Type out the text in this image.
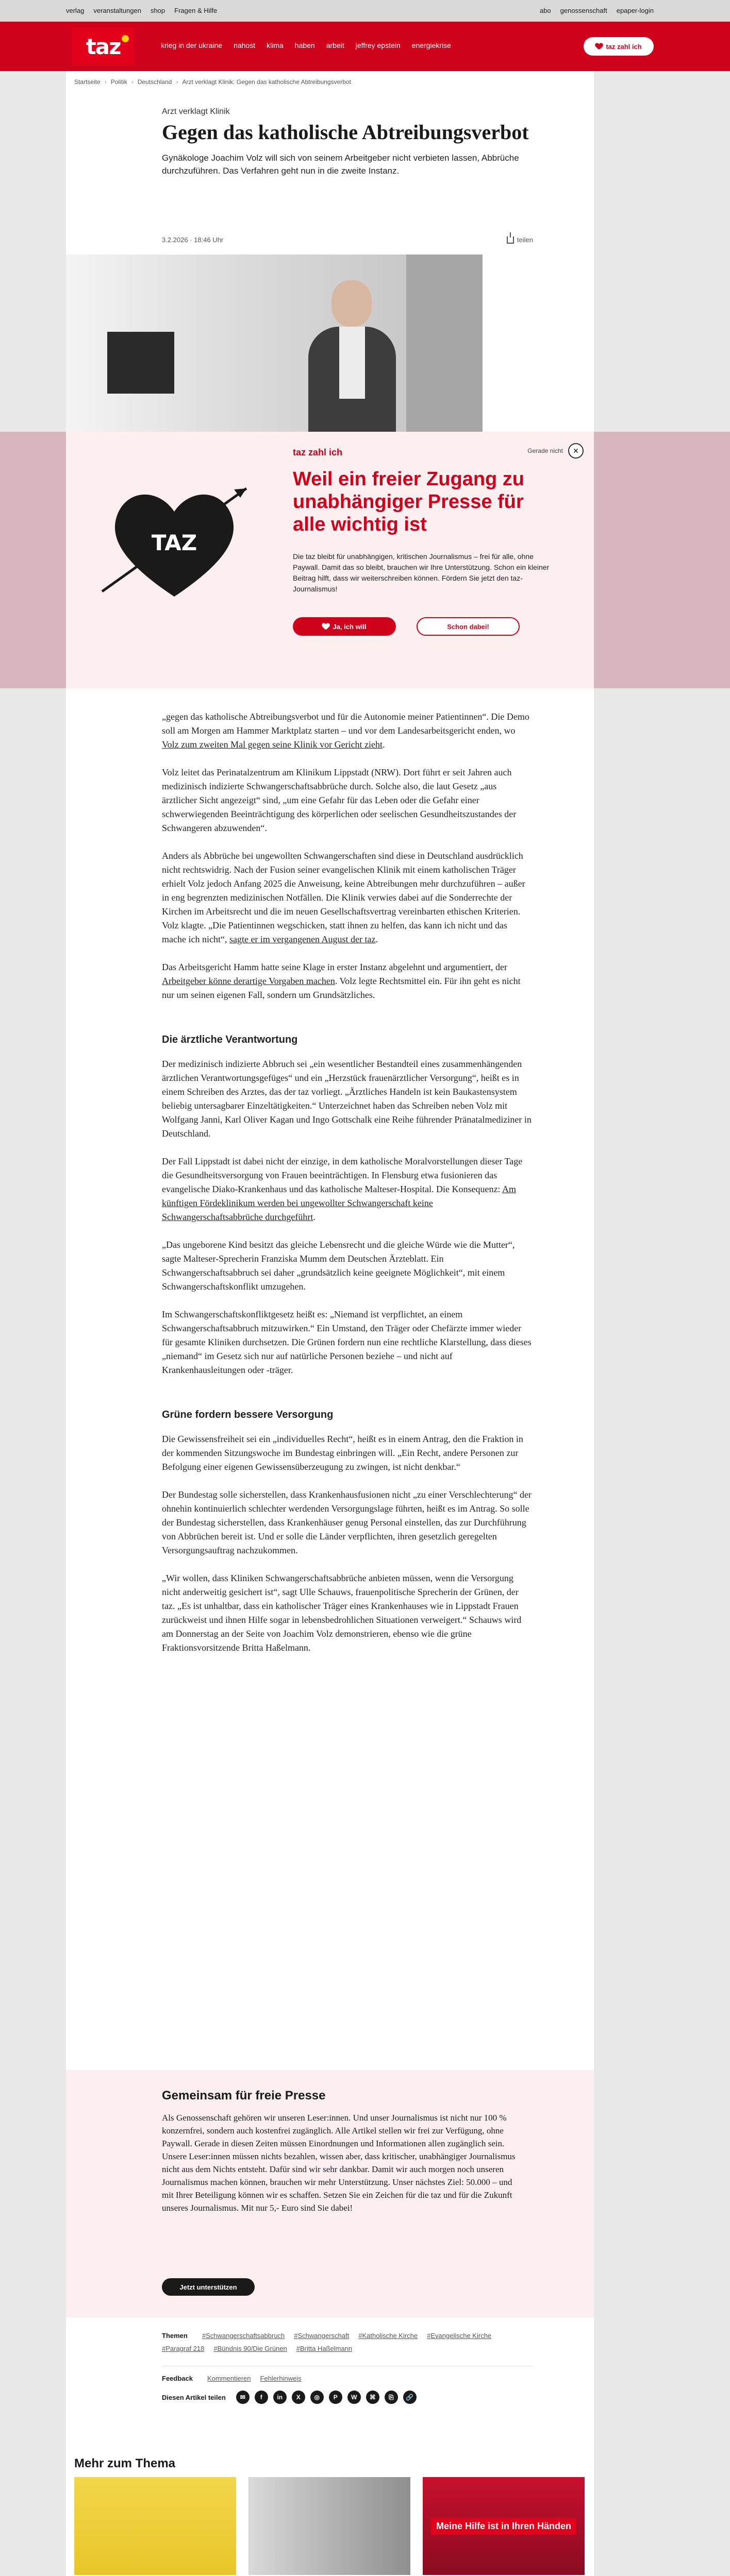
verlag veranstaltungen shop Fragen & Hilfe	abo genossenschaft epaper-login
taz	krieg in der ukraine nahost klima haben arbeit jeffrey epstein energiekrise	taz zahl ich
Startseite › Politik › Deutschland › Arzt verklagt Klinik: Gegen das katholische Abtreibungsverbot
Arzt verklagt Klinik
Gegen das katholische Abtreibungsverbot

Gynäkologe Joachim Volz will sich von seinem Arbeitgeber nicht verbieten lassen, Abbrüche durchzuführen. Das Verfahren geht nun in die zweite Instanz.

3.2.2026 · 18:46 Uhr	teilen

„gegen das katholische Abtreibungsverbot und für die Autonomie meiner Patientinnen“. Die Demo soll am Morgen am Hammer Marktplatz starten – und vor dem Landesarbeitsgericht enden, wo Volz zum zweiten Mal gegen seine Klinik vor Gericht zieht.

Volz leitet das Perinatalzentrum am Klinikum Lippstadt (NRW). Dort führt er seit Jahren auch medizinisch indizierte Schwangerschaftsabbrüche durch. Solche also, die laut Gesetz „aus ärztlicher Sicht angezeigt“ sind, „um eine Gefahr für das Leben oder die Gefahr einer schwerwiegenden Beeinträchtigung des körperlichen oder seelischen Gesundheitszustandes der Schwangeren abzuwenden“.

Anders als Abbrüche bei ungewollten Schwangerschaften sind diese in Deutschland ausdrücklich nicht rechtswidrig. Nach der Fusion seiner evangelischen Klinik mit einem katholischen Träger erhielt Volz jedoch Anfang 2025 die Anweisung, keine Abtreibungen mehr durchzuführen – außer in eng begrenzten medizinischen Notfällen. Die Klinik verwies dabei auf die Sonderrechte der Kirchen im Arbeitsrecht und die im neuen Gesellschaftsvertrag vereinbarten ethischen Kriterien. Volz klagte. „Die Patientinnen wegschicken, statt ihnen zu helfen, das kann ich nicht und das mache ich nicht“, sagte er im vergangenen August der taz.

Das Arbeitsgericht Hamm hatte seine Klage in erster Instanz abgelehnt und argumentiert, der Arbeitgeber könne derartige Vorgaben machen. Volz legte Rechtsmittel ein. Für ihn geht es nicht nur um seinen eigenen Fall, sondern um Grundsätzliches.

Die ärztliche Verantwortung

Der medizinisch indizierte Abbruch sei „ein wesentlicher Bestandteil eines zusammenhängenden ärztlichen Verantwortungsgefüges“ und ein „Herzstück frauenärztlicher Versorgung“, heißt es in einem Schreiben des Arztes, das der taz vorliegt. „Ärztliches Handeln ist kein Baukastensystem beliebig untersagbarer Einzeltätigkeiten.“ Unterzeichnet haben das Schreiben neben Volz mit Wolfgang Janni, Karl Oliver Kagan und Ingo Gottschalk eine Reihe führender Pränatalmediziner in Deutschland.

Der Fall Lippstadt ist dabei nicht der einzige, in dem katholische Moralvorstellungen dieser Tage die Gesundheitsversorgung von Frauen beeinträchtigen. In Flensburg etwa fusionieren das evangelische Diako-Krankenhaus und das katholische Malteser-Hospital. Die Konsequenz: Am künftigen Fördeklinikum werden bei ungewollter Schwangerschaft keine Schwangerschaftsabbrüche durchgeführt.

„Das ungeborene Kind besitzt das gleiche Lebensrecht und die gleiche Würde wie die Mutter“, sagte Malteser-Sprecherin Franziska Mumm dem Deutschen Ärzteblatt. Ein Schwangerschaftsabbruch sei daher „grundsätzlich keine geeignete Möglichkeit“, mit einem Schwangerschaftskonflikt umzugehen.

Im Schwangerschaftskonfliktgesetz heißt es: „Niemand ist verpflichtet, an einem Schwangerschaftsabbruch mitzuwirken.“ Ein Umstand, den Träger oder Chefärzte immer wieder für gesamte Kliniken durchsetzen. Die Grünen fordern nun eine rechtliche Klarstellung, dass dieses „niemand“ im Gesetz sich nur auf natürliche Personen beziehe – und nicht auf Krankenhausleitungen oder -träger.

Grüne fordern bessere Versorgung

Die Gewissensfreiheit sei ein „individuelles Recht“, heißt es in einem Antrag, den die Fraktion in der kommenden Sitzungswoche im Bundestag einbringen will. „Ein Recht, andere Personen zur Befolgung einer eigenen Gewissensüberzeugung zu zwingen, ist nicht denkbar.“

Der Bundestag solle sicherstellen, dass Krankenhausfusionen nicht „zu einer Verschlechterung“ der ohnehin kontinuierlich schlechter werdenden Versorgungslage führten, heißt es im Antrag. So solle der Bundestag sicherstellen, dass Krankenhäuser genug Personal einstellen, das zur Durchführung von Abbrüchen bereit ist. Und er solle die Länder verpflichten, ihren gesetzlich geregelten Versorgungsauftrag nachzukommen.

„Wir wollen, dass Kliniken Schwangerschaftsabbrüche anbieten müssen, wenn die Versorgung nicht anderweitig gesichert ist“, sagt Ulle Schauws, frauenpolitische Sprecherin der Grünen, der taz. „Es ist unhaltbar, dass ein katholischer Träger eines Krankenhauses wie in Lippstadt Frauen zurückweist und ihnen Hilfe sogar in lebensbedrohlichen Situationen verweigert.“ Schauws wird am Donnerstag an der Seite von Joachim Volz demonstrieren, ebenso wie die grüne Fraktionsvorsitzende Britta Haßelmann.

Gemeinsam für freie Presse

Als Genossenschaft gehören wir unseren Leser:innen. Und unser Journalismus ist nicht nur 100 % konzernfrei, sondern auch kostenfrei zugänglich. Alle Artikel stellen wir frei zur Verfügung, ohne Paywall. Gerade in diesen Zeiten müssen Einordnungen und Informationen allen zugänglich sein. Unsere Leser:innen müssen nichts bezahlen, wissen aber, dass kritischer, unabhängiger Journalismus nicht aus dem Nichts entsteht. Dafür sind wir sehr dankbar. Damit wir auch morgen noch unseren Journalismus machen können, brauchen wir mehr Unterstützung. Unser nächstes Ziel: 50.000 – und mit Ihrer Beteiligung können wir es schaffen. Setzen Sie ein Zeichen für die taz und für die Zukunft unseres Journalismus. Mit nur 5,- Euro sind Sie dabei!

Jetzt unterstützen
Themen #Schwangerschaftsabbruch #Schwangerschaft #Katholische Kirche #Evangelische Kirche
#Paragraf 218 #Bündnis 90/Die Grünen #Britta Haßelmann
Feedback Kommentieren Fehlerhinweis
Diesen Artikel teilen	✉	f	in	X	◎	P	W	⌘	⎘	🔗
Mehr zum Thema
Meine Hilfe ist in Ihren Händen
TAZ
taz zahl ich	Gerade nicht	×
Weil ein freier Zugang zu unabhängiger Presse für alle wichtig ist
Die taz bleibt für unabhängigen, kritischen Journalismus – frei für alle, ohne Paywall. Damit das so bleibt, brauchen wir Ihre Unterstützung. Schon ein kleiner Beitrag hilft, dass wir weiterschreiben können. Fördern Sie jetzt den taz-Journalismus!
Ja, ich will	Schon dabei!
